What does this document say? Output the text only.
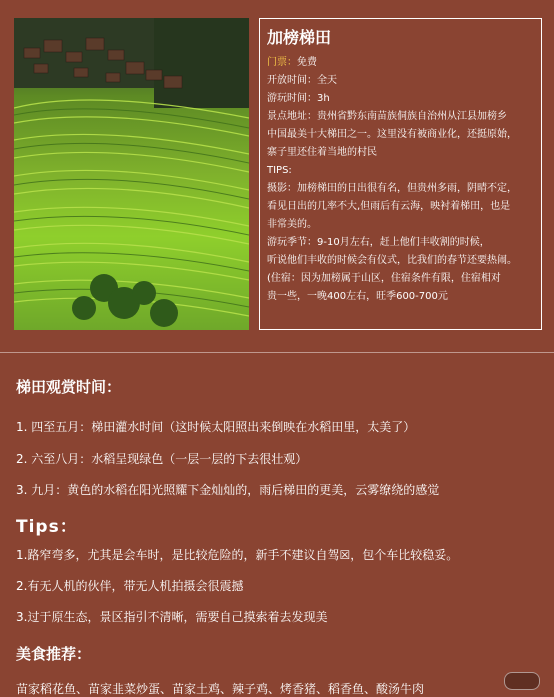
加榜梯田

门票：免费

开放时间：全天

游玩时间：3h

景点地址：贵州省黔东南苗族侗族自治州从江县加榜乡

中国最美十大梯田之一。这里没有被商业化，还挺原始，

寨子里还住着当地的村民

TIPS:

摄影：加榜梯田的日出很有名，但贵州多雨，阴晴不定，

看见日出的几率不大,但雨后有云海，映衬着梯田，也是

非常美的。

游玩季节：9-10月左右，赶上他们丰收割的时候，

听说他们丰收的时候会有仪式，比我们的春节还要热闹。

(住宿：因为加榜属于山区，住宿条件有限，住宿相对

贵一些，一晚400左右，旺季600-700元

梯田观赏时间：
1. 四至五月：梯田灌水时间（这时候太阳照出来倒映在水稻田里，太美了）
2. 六至八月：水稻呈现绿色（一层一层的下去很壮观）
3. 九月：黄色的水稻在阳光照耀下金灿灿的，雨后梯田的更美，云雾缭绕的感觉
Tips：
1.路窄弯多，尤其是会车时，是比较危险的，新手不建议自驾☒，包个车比较稳妥。
2.有无人机的伙伴，带无人机拍摄会很震撼
3.过于原生态，景区指引不清晰，需要自己摸索着去发现美
美食推荐：
苗家稻花鱼、苗家韭菜炒蛋、苗家土鸡、辣子鸡、烤香猪、稻香鱼、酸汤牛肉
